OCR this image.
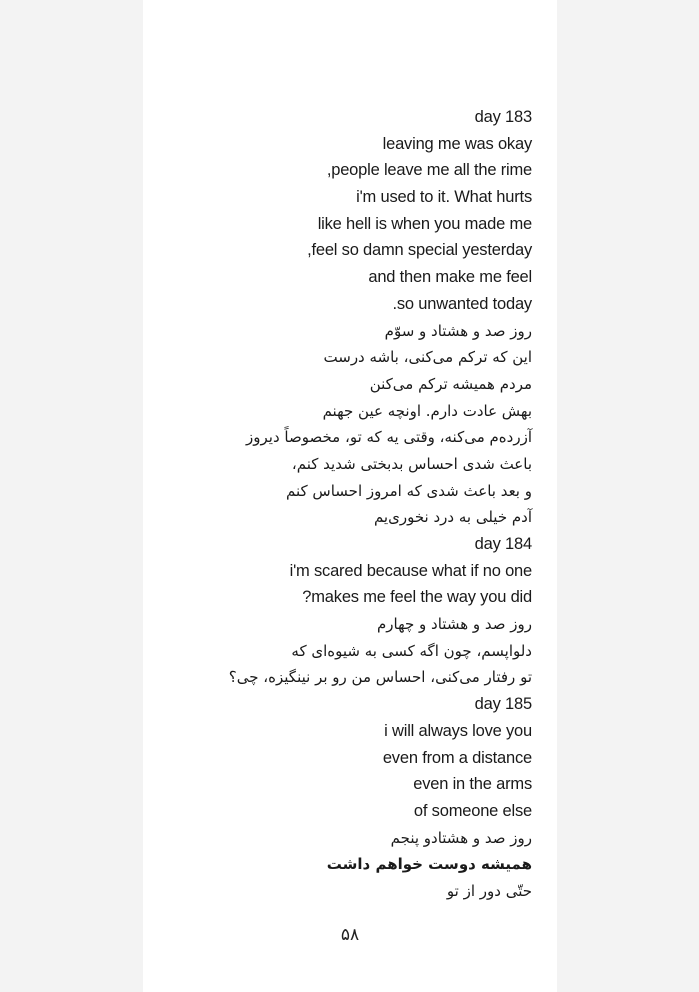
day 183
leaving me was okay
,people leave me all the rime
i'm used to it. What hurts
like hell is when you made me
,feel so damn special yesterday
and then make me feel
.so unwanted today
روز صد و هشتاد و سوّم
این که ترکم می‌کنی، باشه درست
مردم همیشه ترکم می‌کنن
بهش عادت دارم. اونچه عین جهنم
آزرده‌م می‌کنه، وقتی یه که تو، مخصوصاً دیروز
باعث شدی احساس بدبختی شدید کنم،
و بعد باعث شدی که امروز احساس کنم
آدم خیلی به درد نخوری‌یم
day 184
i'm scared because what if no one
?makes me feel the way you did
روز صد و هشتاد و چهارم
دلواپسم، چون اگه کسی به شیوه‌ای که
تو رفتار می‌کنی، احساس من رو بر نینگیزه، چی؟
day 185
i will always love you
even from a distance
even in the arms
of someone else
روز صد و هشتادو پنجم
همیشه دوست خواهم داشت
حتّی دور از تو
۵۸
